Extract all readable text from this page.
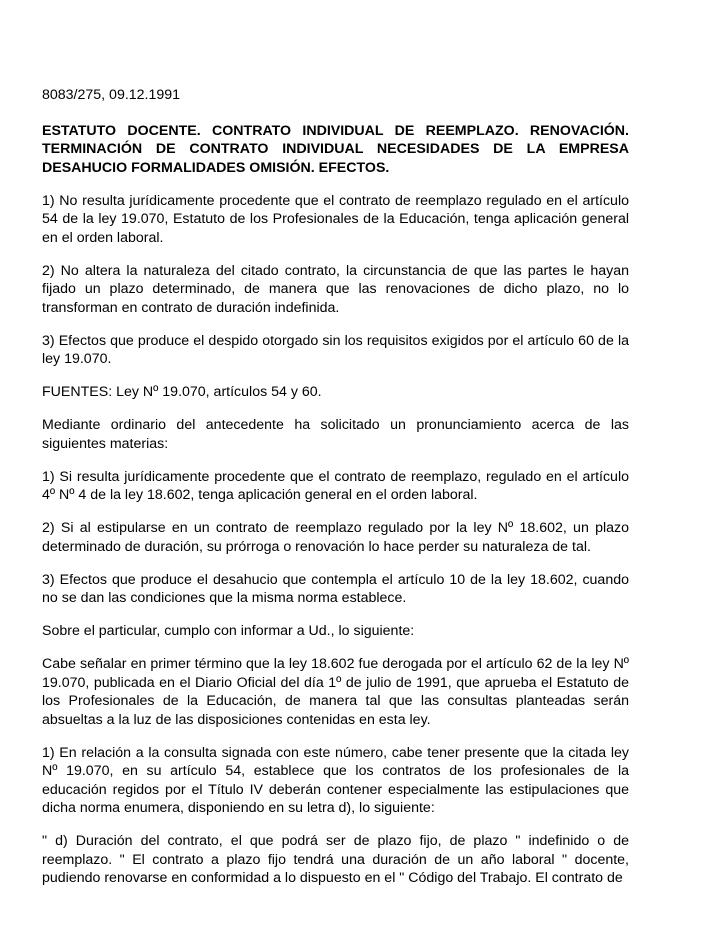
8083/275, 09.12.1991

ESTATUTO DOCENTE. CONTRATO INDIVIDUAL DE REEMPLAZO. RENOVACIÓN. TERMINACIÓN DE CONTRATO INDIVIDUAL NECESIDADES DE LA EMPRESA DESAHUCIO FORMALIDADES OMISIÓN. EFECTOS.

1) No resulta jurídicamente procedente que el contrato de reemplazo regulado en el artículo 54 de la ley 19.070, Estatuto de los Profesionales de la Educación, tenga aplicación general en el orden laboral.

2) No altera la naturaleza del citado contrato, la circunstancia de que las partes le hayan fijado un plazo determinado, de manera que las renovaciones de dicho plazo, no lo transforman en contrato de duración indefinida.

3) Efectos que produce el despido otorgado sin los requisitos exigidos por el artículo 60 de la ley 19.070.

FUENTES: Ley Nº 19.070, artículos 54 y 60.

Mediante ordinario del antecedente ha solicitado un pronunciamiento acerca de las siguientes materias:

1) Si resulta jurídicamente procedente que el contrato de reemplazo, regulado en el artículo 4º Nº 4 de la ley 18.602, tenga aplicación general en el orden laboral.

2) Si al estipularse en un contrato de reemplazo regulado por la ley Nº 18.602, un plazo determinado de duración, su prórroga o renovación lo hace perder su naturaleza de tal.

3) Efectos que produce el desahucio que contempla el artículo 10 de la ley 18.602, cuando no se dan las condiciones que la misma norma establece.

Sobre el particular, cumplo con informar a Ud., lo siguiente:

Cabe señalar en primer término que la ley 18.602 fue derogada por el artículo 62 de la ley Nº 19.070, publicada en el Diario Oficial del día 1º de julio de 1991, que aprueba el Estatuto de los Profesionales de la Educación, de manera tal que las consultas planteadas serán absueltas a la luz de las disposiciones contenidas en esta ley.

1) En relación a la consulta signada con este número, cabe tener presente que la citada ley Nº 19.070, en su artículo 54, establece que los contratos de los profesionales de la educación regidos por el Título IV deberán contener especialmente las estipulaciones que dicha norma enumera, disponiendo en su letra d), lo siguiente:

" d) Duración del contrato, el que podrá ser de plazo fijo, de plazo " indefinido o de reemplazo. " El contrato a plazo fijo tendrá una duración de un año laboral " docente, pudiendo renovarse en conformidad a lo dispuesto en el " Código del Trabajo. El contrato de
